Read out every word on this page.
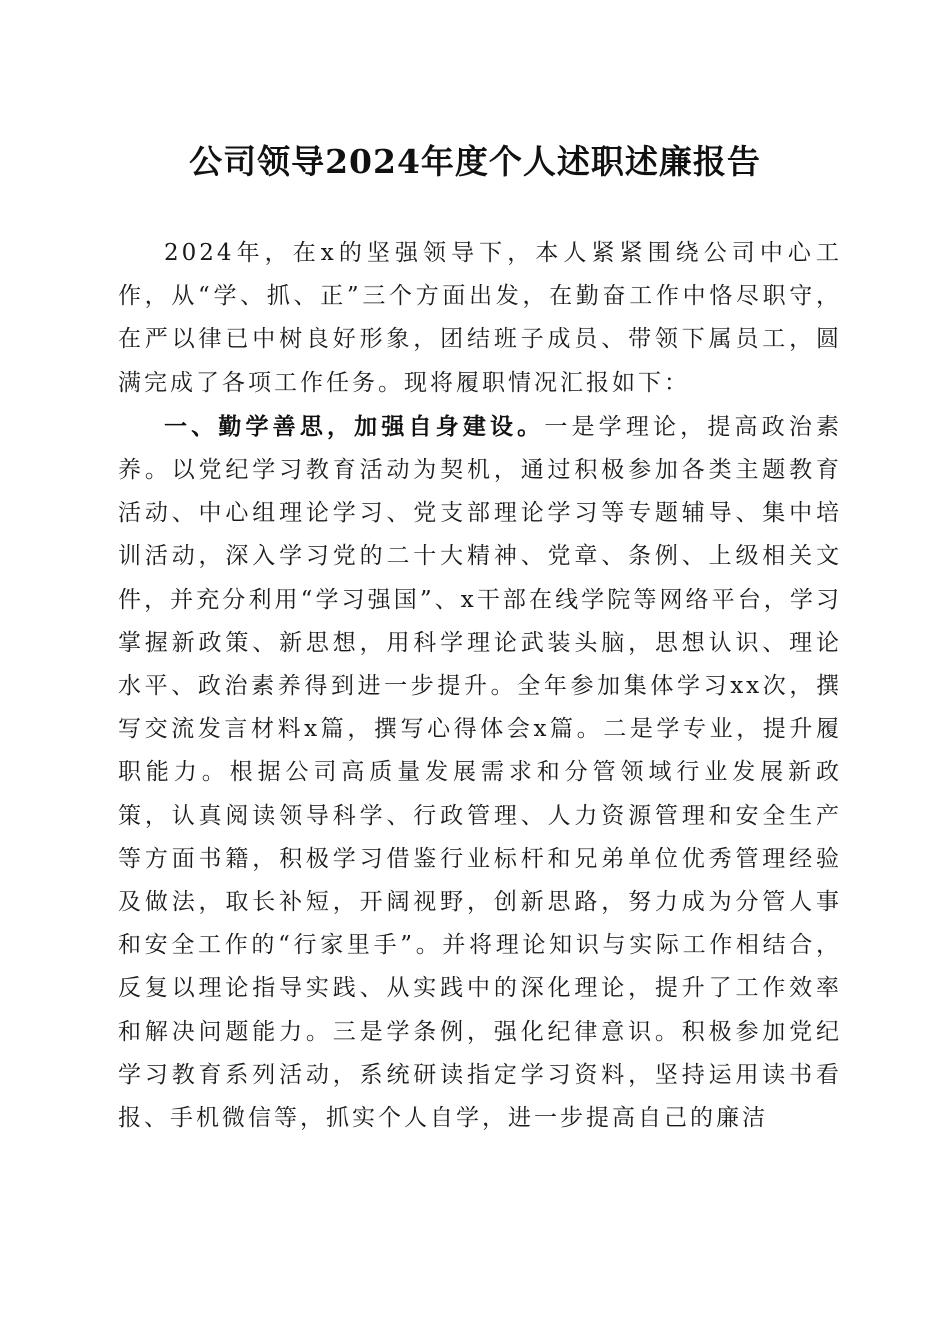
公司领导2024年度个人述职述廉报告

2024年，在x的坚强领导下，本人紧紧围绕公司中心工作，从“学、抓、正”三个方面出发，在勤奋工作中恪尽职守，在严以律已中树良好形象，团结班子成员、带领下属员工，圆满完成了各项工作任务。现将履职情况汇报如下：

一、勤学善思，加强自身建设。一是学理论，提高政治素养。以党纪学习教育活动为契机，通过积极参加各类主题教育活动、中心组理论学习、党支部理论学习等专题辅导、集中培训活动，深入学习党的二十大精神、党章、条例、上级相关文件，并充分利用“学习强国”、x干部在线学院等网络平台，学习掌握新政策、新思想，用科学理论武装头脑，思想认识、理论水平、政治素养得到进一步提升。全年参加集体学习xx次，撰写交流发言材料x篇，撰写心得体会x篇。二是学专业，提升履职能力。根据公司高质量发展需求和分管领域行业发展新政策，认真阅读领导科学、行政管理、人力资源管理和安全生产等方面书籍，积极学习借鉴行业标杆和兄弟单位优秀管理经验及做法，取长补短，开阔视野，创新思路，努力成为分管人事和安全工作的“行家里手”。并将理论知识与实际工作相结合，反复以理论指导实践、从实践中的深化理论，提升了工作效率和解决问题能力。三是学条例，强化纪律意识。积极参加党纪学习教育系列活动，系统研读指定学习资料，坚持运用读书看报、手机微信等，抓实个人自学，进一步提高自己的廉洁
